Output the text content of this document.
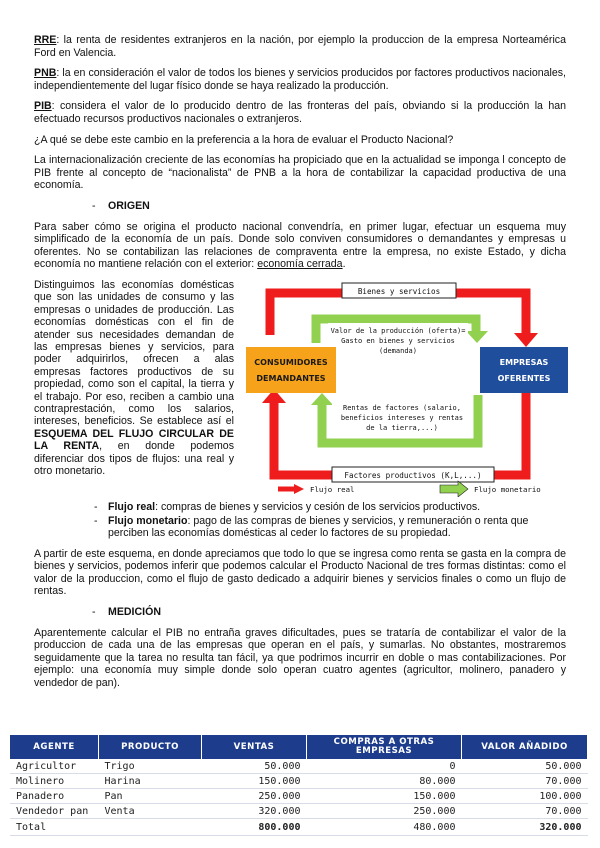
RRE: la renta de residentes extranjeros en la nación, por ejemplo la produccion de la empresa Norteamérica Ford en Valencia.

PNB: la en consideración el valor de todos los bienes y servicios producidos por factores productivos nacionales, independientemente del lugar físico donde se haya realizado la producción.

PIB: considera el valor de lo producido dentro de las fronteras del país, obviando si la producción la han efectuado recursos productivos nacionales o extranjeros.

¿A qué se debe este cambio en la preferencia a la hora de evaluar el Producto Nacional?

La internacionalización creciente de las economías ha propiciado que en la actualidad se imponga l concepto de PIB frente al concepto de “nacionalista” de PNB a la hora de contabilizar la capacidad productiva de una economía.

- ORIGEN

Para saber cómo se origina el producto nacional convendría, en primer lugar, efectuar un esquema muy simplificado de la economía de un país. Donde solo conviven consumidores o demandantes y empresas u oferentes. No se contabilizan las relaciones de compraventa entre la empresa, no existe Estado, y dicha economía no mantiene relación con el exterior: economía cerrada.

Distinguimos las economías domésticas que son las unidades de consumo y las empresas o unidades de producción. Las economías domésticas con el fin de atender sus necesidades demandan de las empresas bienes y servicios, para poder adquirirlos, ofrecen a alas empresas factores productivos de su propiedad, como son el capital, la tierra y el trabajo. Por eso, reciben a cambio una contraprestación, como los salarios, intereses, beneficios. Se establece así el ESQUEMA DEL FLUJO CIRCULAR DE LA RENTA, en donde podemos diferenciar dos tipos de flujos: una real y otro monetario.
Bienes y servicios
Valor de la producción (oferta)=
Gasto en bienes y servicios
(demanda)
CONSUMIDORES
DEMANDANTES
EMPRESAS
OFERENTES
Rentas de factores (salario,
beneficios intereses y rentas
de la tierra,...)
Factores productivos (K,L,...)
Flujo real	Flujo monetario
- Flujo real: compras de bienes y servicios y cesión de los servicios productivos.
- Flujo monetario: pago de las compras de bienes y servicios, y remuneración o renta que perciben las economías domésticas al ceder lo factores de su propiedad.

A partir de este esquema, en donde apreciamos que todo lo que se ingresa como renta se gasta en la compra de bienes y servicios, podemos inferir que podemos calcular el Producto Nacional de tres formas distintas: como el valor de la produccion, como el flujo de gasto dedicado a adquirir bienes y servicios finales o como un flujo de rentas.

- MEDICIÓN

Aparentemente calcular el PIB no entraña graves dificultades, pues se trataría de contabilizar el valor de la produccion de cada una de las empresas que operan en el país, y sumarlas. No obstantes, mostraremos seguidamente que la tarea no resulta tan fácil, ya que podrimos incurrir en doble o mas contabilizaciones. Por ejemplo: una economía muy simple donde solo operan cuatro agentes (agricultor, molinero, panadero y vendedor de pan).

AGENTE	PRODUCTO	VENTAS	COMPRAS A OTRAS EMPRESAS	VALOR AÑADIDO
Agricultor	Trigo	50.000	0	50.000
Molinero	Harina	150.000	80.000	70.000
Panadero	Pan	250.000	150.000	100.000
Vendedor pan	Venta	320.000	250.000	70.000
Total		800.000	480.000	320.000
